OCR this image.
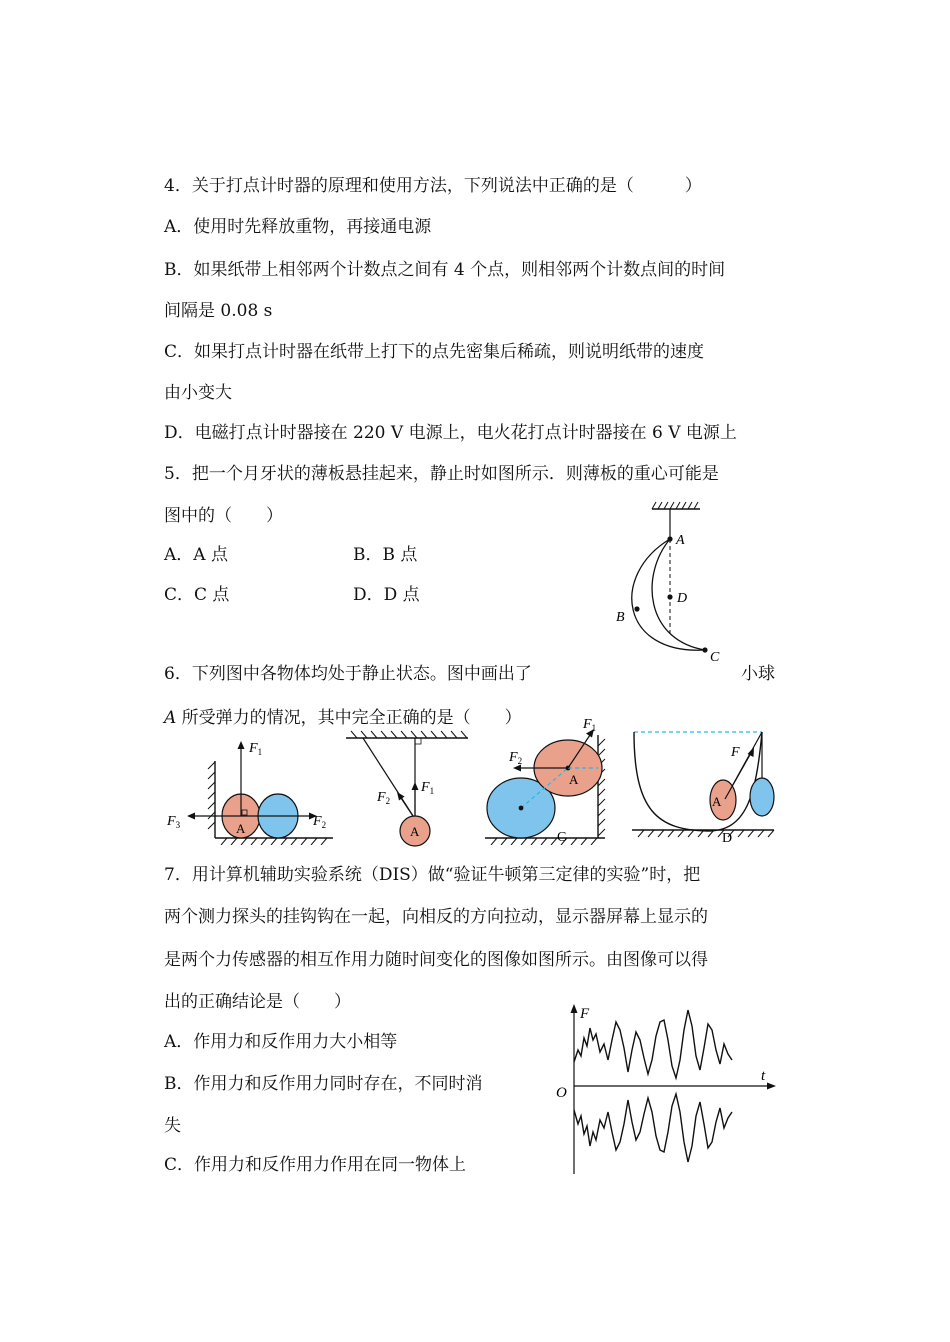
4．关于打点计时器的原理和使用方法，下列说法中正确的是（　　　）
A．使用时先释放重物，再接通电源
B．如果纸带上相邻两个计数点之间有 4 个点，则相邻两个计数点间的时间
间隔是 0.08 s
C．如果打点计时器在纸带上打下的点先密集后稀疏，则说明纸带的速度
由小变大
D．电磁打点计时器接在 220 V 电源上，电火花打点计时器接在 6 V 电源上
5．把一个月牙状的薄板悬挂起来，静止时如图所示．则薄板的重心可能是
图中的（　　）
A．A 点	B．B 点
C．C 点	D．D 点
A
D
B
C
6．下列图中各物体均处于静止状态。图中画出了	小球
A 所受弹力的情况，其中完全正确的是（　　）
A
$F_1$
$F_2$
$F_3$	A
$F_1$
$F_2$
A
$F_2$
$F_1$
C
A
F
D
7．用计算机辅助实验系统（DIS）做“验证牛顿第三定律的实验”时，把
两个测力探头的挂钩钩在一起，向相反的方向拉动，显示器屏幕上显示的
是两个力传感器的相互作用力随时间变化的图像如图所示。由图像可以得
出的正确结论是（　　）
A．作用力和反作用力大小相等
B．作用力和反作用力同时存在，不同时消
失
C．作用力和反作用力作用在同一物体上
F
t
O
